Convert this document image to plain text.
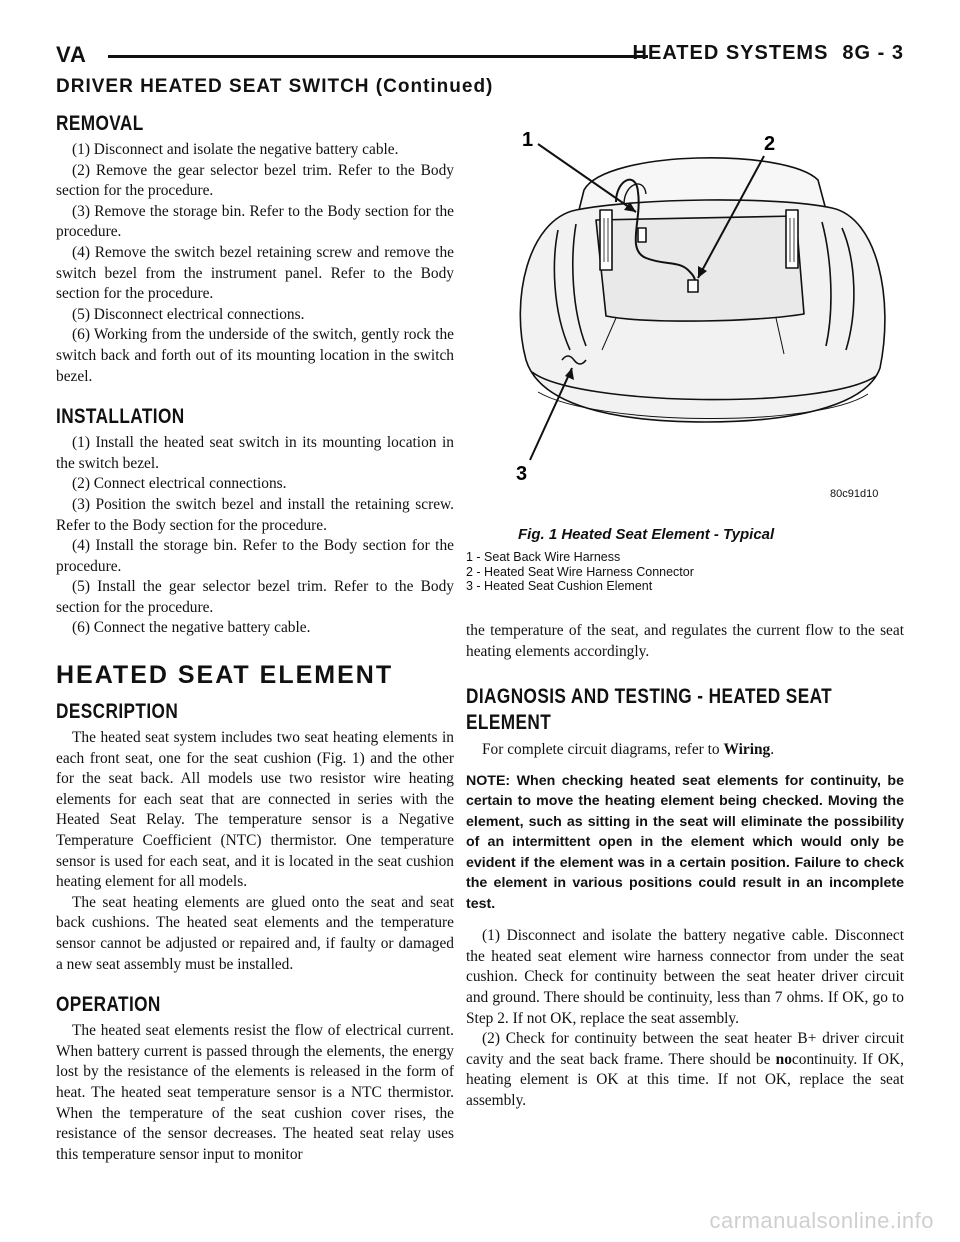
VA	HEATED SYSTEMS 8G - 3
DRIVER HEATED SEAT SWITCH (Continued)
REMOVAL

(1) Disconnect and isolate the negative battery cable.

(2) Remove the gear selector bezel trim. Refer to the Body section for the procedure.

(3) Remove the storage bin. Refer to the Body section for the procedure.

(4) Remove the switch bezel retaining screw and remove the switch bezel from the instrument panel. Refer to the Body section for the procedure.

(5) Disconnect electrical connections.

(6) Working from the underside of the switch, gently rock the switch back and forth out of its mounting location in the switch bezel.

INSTALLATION

(1) Install the heated seat switch in its mounting location in the switch bezel.

(2) Connect electrical connections.

(3) Position the switch bezel and install the retaining screw. Refer to the Body section for the procedure.

(4) Install the storage bin. Refer to the Body section for the procedure.

(5) Install the gear selector bezel trim. Refer to the Body section for the procedure.

(6) Connect the negative battery cable.

HEATED SEAT ELEMENT
DESCRIPTION

The heated seat system includes two seat heating elements in each front seat, one for the seat cushion (Fig. 1) and the other for the seat back. All models use two resistor wire heating elements for each seat that are connected in series with the Heated Seat Relay. The temperature sensor is a Negative Temperature Coefficient (NTC) thermistor. One temperature sensor is used for each seat, and it is located in the seat cushion heating element for all models.

The seat heating elements are glued onto the seat and seat back cushions. The heated seat elements and the temperature sensor cannot be adjusted or repaired and, if faulty or damaged a new seat assembly must be installed.

OPERATION

The heated seat elements resist the flow of electrical current. When battery current is passed through the elements, the energy lost by the resistance of the elements is released in the form of heat. The heated seat temperature sensor is a NTC thermistor. When the temperature of the seat cushion cover rises, the resistance of the sensor decreases. The heated seat relay uses this temperature sensor input to monitor

1	2
3
80c91d10
Fig. 1 Heated Seat Element - Typical
1 - Seat Back Wire Harness
2 - Heated Seat Wire Harness Connector
3 - Heated Seat Cushion Element

the temperature of the seat, and regulates the current flow to the seat heating elements accordingly.

DIAGNOSIS AND TESTING - HEATED SEAT
ELEMENT

For complete circuit diagrams, refer to Wiring.

NOTE: When checking heated seat elements for continuity, be certain to move the heating element being checked. Moving the element, such as sitting in the seat will eliminate the possibility of an intermittent open in the element which would only be evident if the element was in a certain position. Failure to check the element in various positions could result in an incomplete test.

(1) Disconnect and isolate the battery negative cable. Disconnect the heated seat element wire harness connector from under the seat cushion. Check for continuity between the seat heater driver circuit and ground. There should be continuity, less than 7 ohms. If OK, go to Step 2. If not OK, replace the seat assembly.

(2) Check for continuity between the seat heater B+ driver circuit cavity and the seat back frame. There should be nocontinuity. If OK, heating element is OK at this time. If not OK, replace the seat assembly.

carmanualsonline.info
